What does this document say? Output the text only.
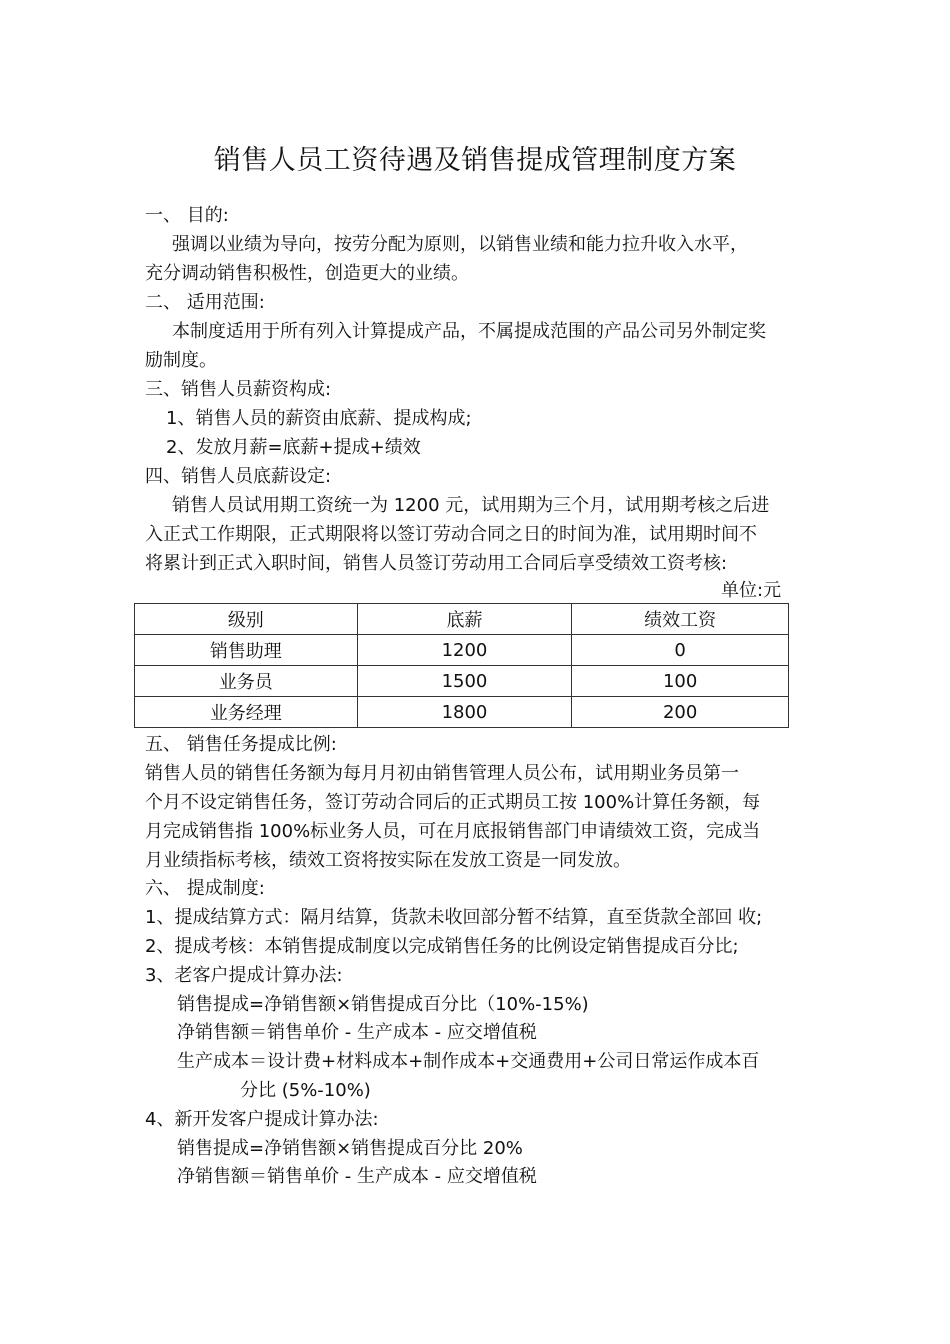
销售人员工资待遇及销售提成管理制度方案
一、 目的:
强调以业绩为导向，按劳分配为原则，以销售业绩和能力拉升收入水平，
充分调动销售积极性，创造更大的业绩。
二、 适用范围:
本制度适用于所有列入计算提成产品，不属提成范围的产品公司另外制定奖
励制度。
三、销售人员薪资构成:
1、销售人员的薪资由底薪、提成构成;
2、发放月薪=底薪+提成+绩效
四、销售人员底薪设定:
销售人员试用期工资统一为 1200 元，试用期为三个月，试用期考核之后进
入正式工作期限，正式期限将以签订劳动合同之日的时间为准，试用期时间不
将累计到正式入职时间，销售人员签订劳动用工合同后享受绩效工资考核:
单位:元
级别	底薪	绩效工资
销售助理	1200	0
业务员	1500	100
业务经理	1800	200
五、 销售任务提成比例:
销售人员的销售任务额为每月月初由销售管理人员公布，试用期业务员第一
个月不设定销售任务，签订劳动合同后的正式期员工按 100%计算任务额，每
月完成销售指 100%标业务人员，可在月底报销售部门申请绩效工资，完成当
月业绩指标考核，绩效工资将按实际在发放工资是一同发放。
六、 提成制度:
1、提成结算方式：隔月结算，货款未收回部分暂不结算，直至货款全部回 收;
2、提成考核：本销售提成制度以完成销售任务的比例设定销售提成百分比;
3、老客户提成计算办法:
销售提成=净销售额×销售提成百分比（10%-15%)
净销售额＝销售单价 - 生产成本 - 应交增值税
生产成本＝设计费+材料成本+制作成本+交通费用+公司日常运作成本百
分比 (5%-10%)
4、新开发客户提成计算办法:
销售提成=净销售额×销售提成百分比 20%
净销售额＝销售单价 - 生产成本 - 应交增值税
